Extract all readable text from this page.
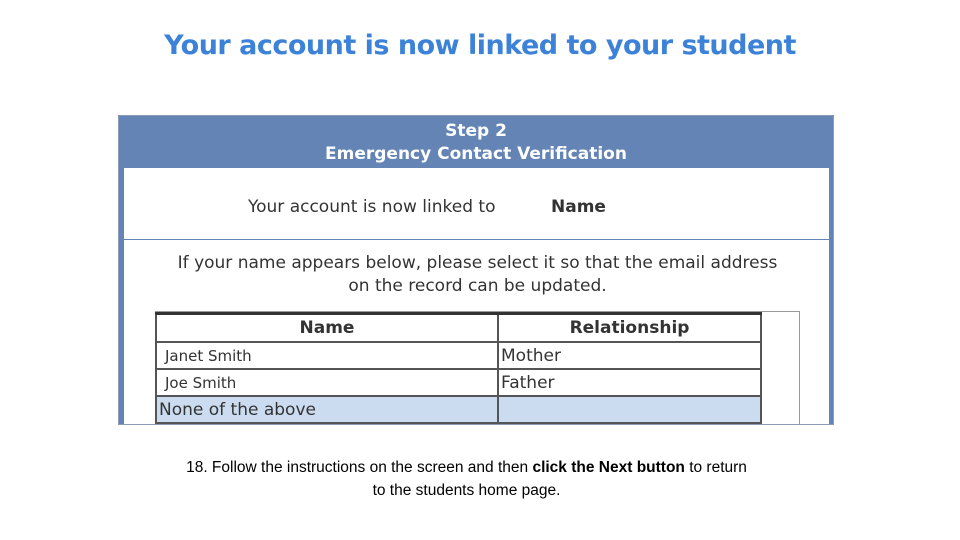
Your account is now linked to your student
Step 2
Emergency Contact Verification
Your account is now linked to	Name
If your name appears below, please select it so that the email address
on the record can be updated.
Name	Relationship
Janet Smith	Mother
Joe Smith	Father
None of the above	
18. Follow the instructions on the screen and then click the Next button to return
to the students home page.
